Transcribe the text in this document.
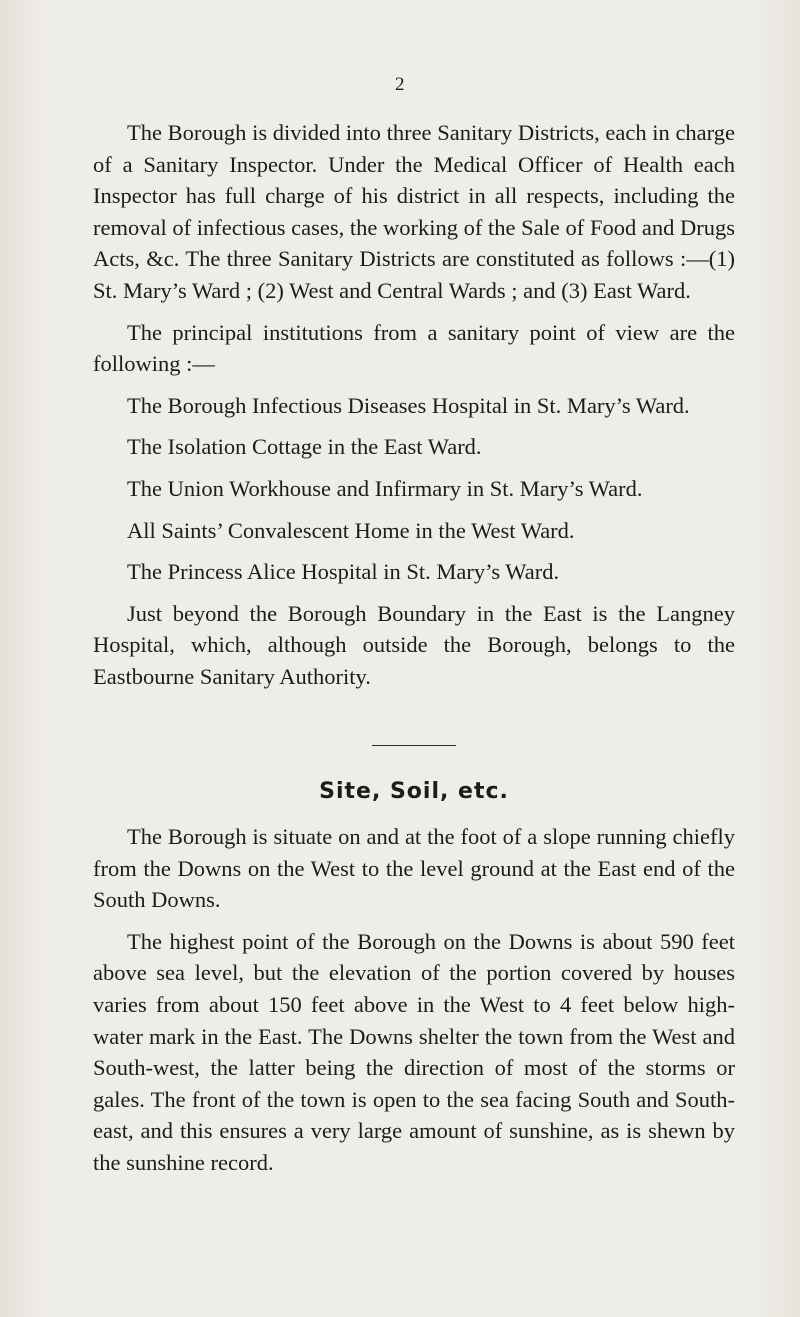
2

The Borough is divided into three Sanitary Districts, each in charge of a Sanitary Inspector. Under the Medical Officer of Health each Inspector has full charge of his district in all respects, including the removal of infectious cases, the working of the Sale of Food and Drugs Acts, &c. The three Sanitary Districts are constituted as follows :—(1) St. Mary’s Ward ; (2) West and Central Wards ; and (3) East Ward.

The principal institutions from a sanitary point of view are the following :—

The Borough Infectious Diseases Hospital in St. Mary’s Ward.

The Isolation Cottage in the East Ward.

The Union Workhouse and Infirmary in St. Mary’s Ward.

All Saints’ Convalescent Home in the West Ward.

The Princess Alice Hospital in St. Mary’s Ward.

Just beyond the Borough Boundary in the East is the Langney Hospital, which, although outside the Borough, belongs to the Eastbourne Sanitary Authority.

Site, Soil, etc.

The Borough is situate on and at the foot of a slope running chiefly from the Downs on the West to the level ground at the East end of the South Downs.

The highest point of the Borough on the Downs is about 590 feet above sea level, but the elevation of the portion covered by houses varies from about 150 feet above in the West to 4 feet below high-water mark in the East. The Downs shelter the town from the West and South-west, the latter being the direction of most of the storms or gales. The front of the town is open to the sea facing South and South-east, and this ensures a very large amount of sunshine, as is shewn by the sunshine record.
